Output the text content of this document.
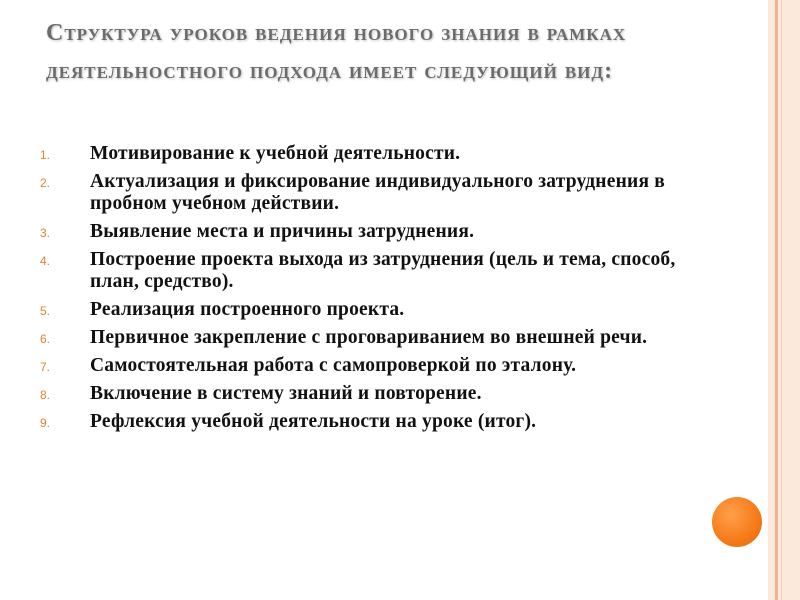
Структура уроков ведения нового знания в рамках деятельностного подхода имеет следующий вид:
1.	Мотивирование к учебной деятельности.
2.	Актуализация и фиксирование индивидуального затруднения в пробном учебном действии.
3.	Выявление места и причины затруднения.
4.	Построение проекта выхода из затруднения (цель и тема, способ, план, средство).
5.	Реализация построенного проекта.
6.	Первичное закрепление с проговариванием во внешней речи.
7.	Самостоятельная работа с самопроверкой по эталону.
8.	Включение в систему знаний и повторение.
9.	Рефлексия учебной деятельности на уроке (итог).
